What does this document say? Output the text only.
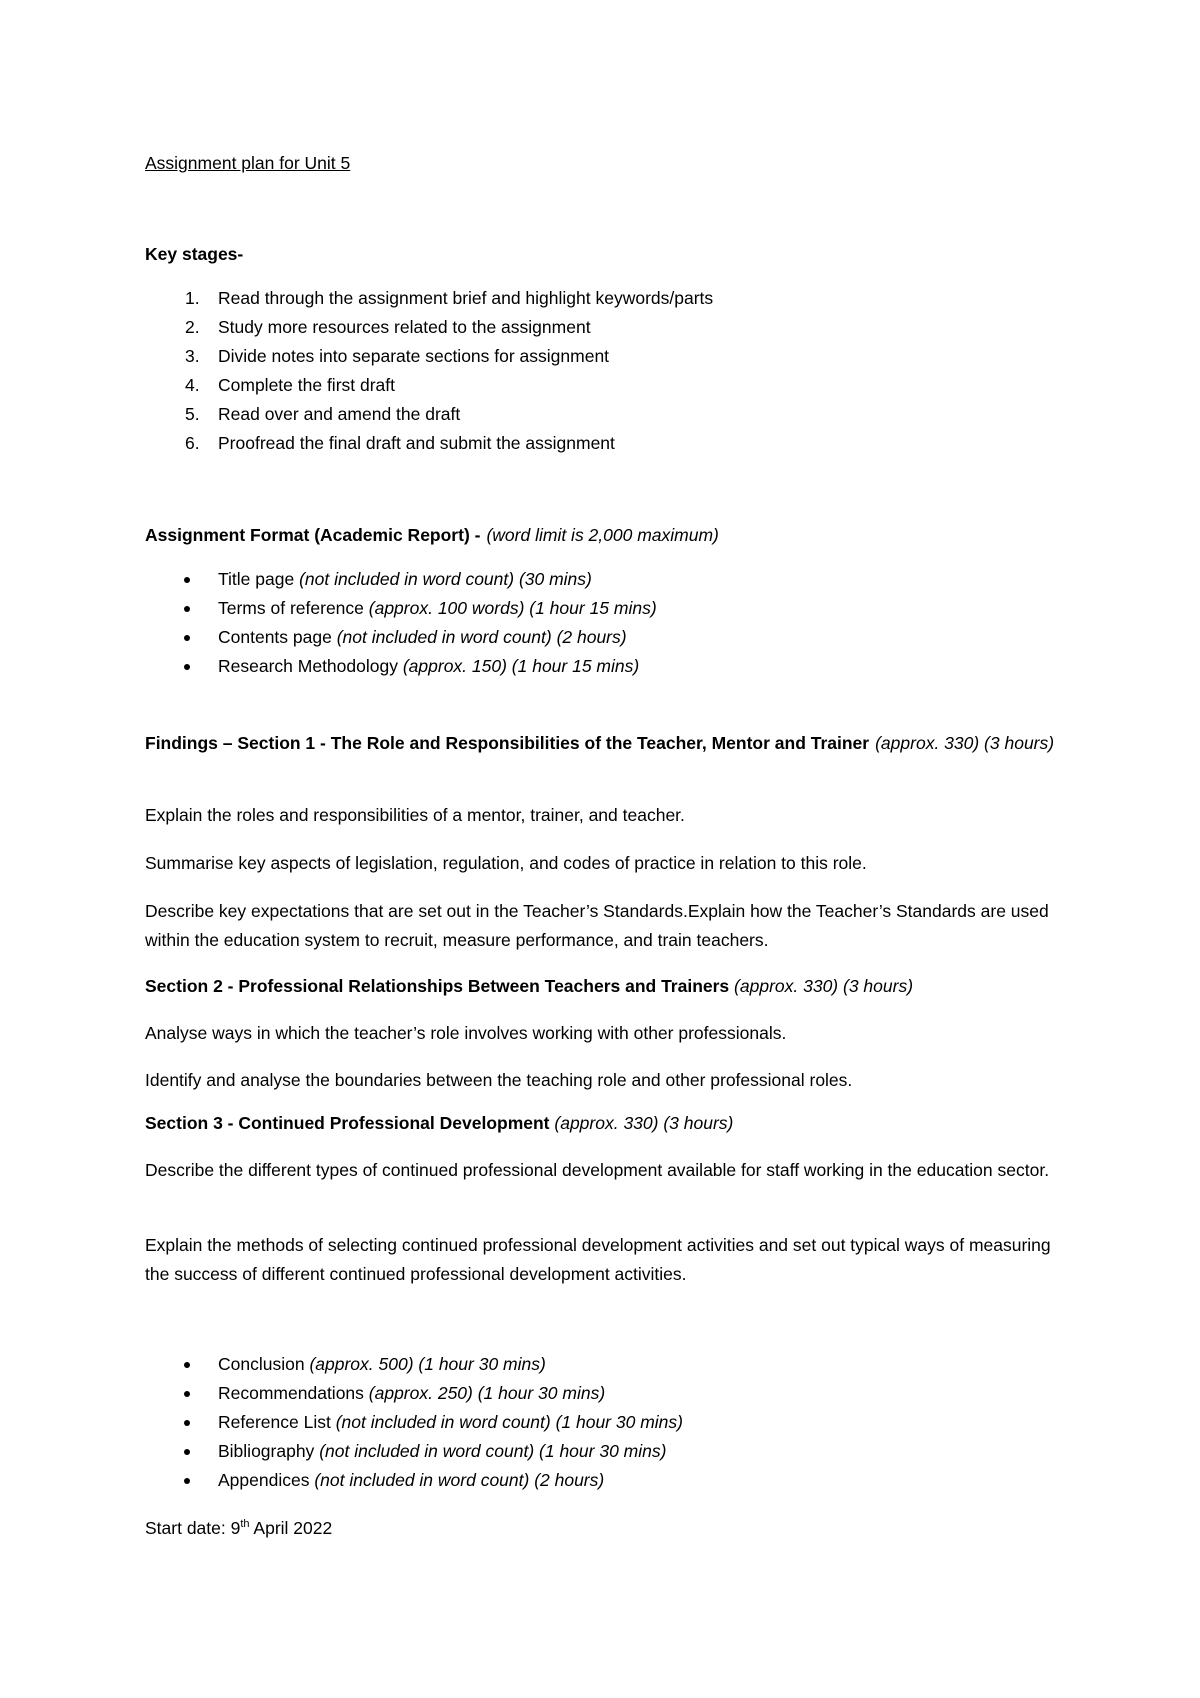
Assignment plan for Unit 5
Key stages-
1. Read through the assignment brief and highlight keywords/parts
2. Study more resources related to the assignment
3. Divide notes into separate sections for assignment
4. Complete the first draft
5. Read over and amend the draft
6. Proofread the final draft and submit the assignment
Assignment Format (Academic Report) - (word limit is 2,000 maximum)
Title page (not included in word count) (30 mins)
Terms of reference (approx. 100 words) (1 hour 15 mins)
Contents page (not included in word count) (2 hours)
Research Methodology (approx. 150) (1 hour 15 mins)
Findings – Section 1 - The Role and Responsibilities of the Teacher, Mentor and Trainer (approx. 330) (3 hours)
Explain the roles and responsibilities of a mentor, trainer, and teacher.
Summarise key aspects of legislation, regulation, and codes of practice in relation to this role.
Describe key expectations that are set out in the Teacher’s Standards.Explain how the Teacher’s Standards are used within the education system to recruit, measure performance, and train teachers.
Section 2 - Professional Relationships Between Teachers and Trainers (approx. 330) (3 hours)
Analyse ways in which the teacher’s role involves working with other professionals.
Identify and analyse the boundaries between the teaching role and other professional roles.
Section 3 - Continued Professional Development (approx. 330) (3 hours)
Describe the different types of continued professional development available for staff working in the education sector.
Explain the methods of selecting continued professional development activities and set out typical ways of measuring the success of different continued professional development activities.
Conclusion (approx. 500) (1 hour 30 mins)
Recommendations (approx. 250) (1 hour 30 mins)
Reference List (not included in word count) (1 hour 30 mins)
Bibliography (not included in word count) (1 hour 30 mins)
Appendices (not included in word count) (2 hours)
Start date: 9th April 2022
